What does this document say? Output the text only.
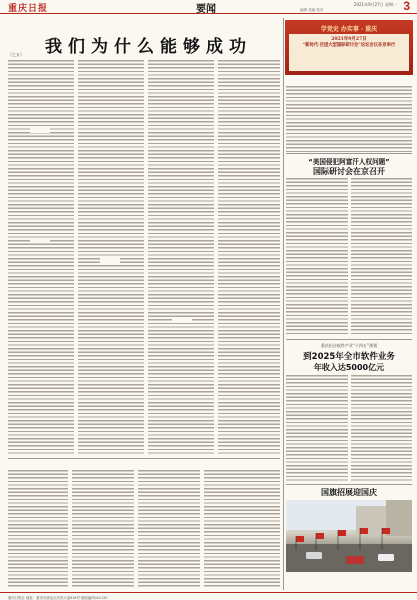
重庆日报	要闻	2021年9月27日 星期一 3
编辑 美编 校对
我们为什么能够成功
（之五）
学党史 办实事 · 重庆
2021年9月27日
“新时代·百团大型国际研讨会”论坛会议在京举行
“美国侵犯阿富汗人权问题”
国际研讨会在京召开
重庆出台软件产业“十四五”规划
到2025年全市软件业务
年收入达5000亿元
国旗招展迎国庆
重庆日报社 地址：重庆市渝北区同茂大道416号 邮政编码401120
